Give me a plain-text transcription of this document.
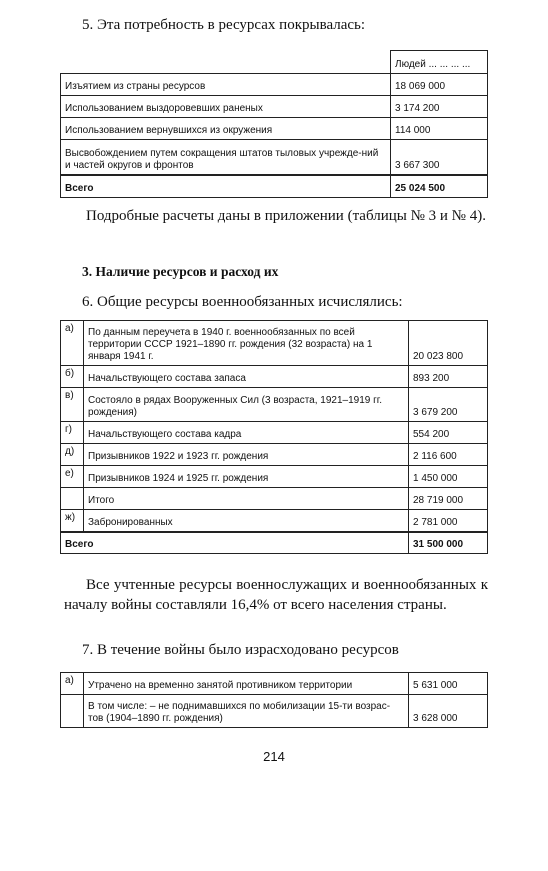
5. Эта потребность в ресурсах покрывалась:
	Людей ... ... ... ...
Изъятием из страны ресурсов	18 069 000
Использованием выздоровевших раненых	3 174 200
Использованием вернувшихся из окружения	114 000
Высвобождением путем сокращения штатов тыловых учрежде-ний и частей округов и фронтов	3 667 300
Всего	25 024 500
Подробные расчеты даны в приложении (таблицы № 3 и № 4).
3. Наличие ресурсов и расход их
6. Общие ресурсы военнообязанных исчислялись:
а)	По данным переучета в 1940 г. военнообязанных по всей территории СССР 1921–1890 гг. рождения (32 возраста) на 1 января 1941 г.	20 023 800
б)	Начальствующего состава запаса	893 200
в)	Состояло в рядах Вооруженных Сил (3 возраста, 1921–1919 гг. рождения)	3 679 200
г)	Начальствующего состава кадра	554 200
д)	Призывников 1922 и 1923 гг. рождения	2 116 600
е)	Призывников 1924 и 1925 гг. рождения	1 450 000
	Итого	28 719 000
ж)	Забронированных	2 781 000
Всего		31 500 000
Все учтенные ресурсы военнослужащих и военнообязанных к началу войны составляли 16,4% от всего населения страны.
7. В течение войны было израсходовано ресурсов
а)	Утрачено на временно занятой противником территории	5 631 000
	В том числе: – не поднимавшихся по мобилизации 15-ти возрас-тов (1904–1890 гг. рождения)	3 628 000
214
